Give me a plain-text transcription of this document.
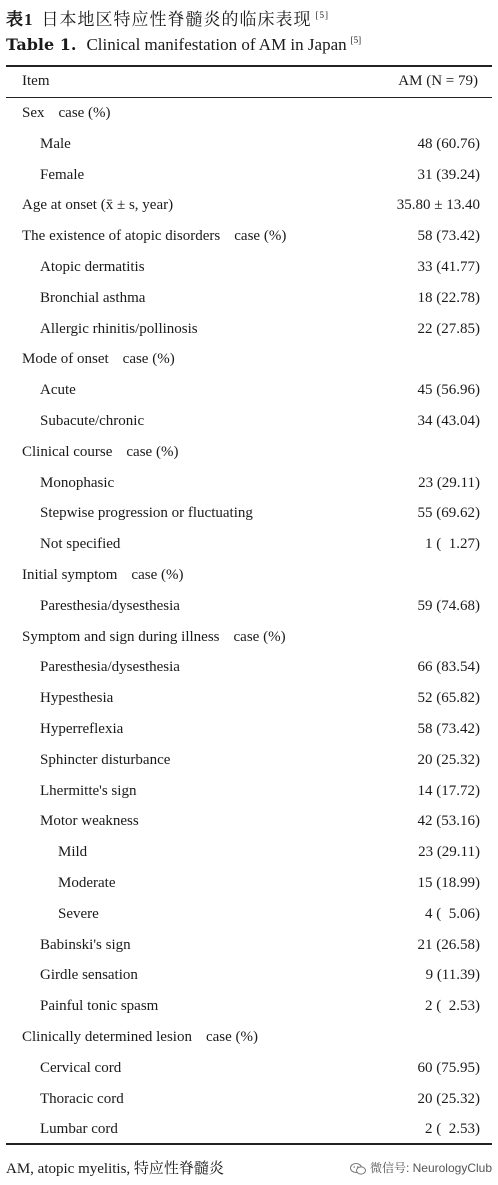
表1 日本地区特应性脊髓炎的临床表现 [5]
Table 1. Clinical manifestation of AM in Japan [5]
Item	AM (N = 79)
Sex case (%)
Male	48 (60.76)
Female	31 (39.24)
Age at onset (x̄ ± s, year)	35.80 ± 13.40
The existence of atopic disorders case (%)	58 (73.42)
Atopic dermatitis	33 (41.77)
Bronchial asthma	18 (22.78)
Allergic rhinitis/pollinosis	22 (27.85)
Mode of onset case (%)
Acute	45 (56.96)
Subacute/chronic	34 (43.04)
Clinical course case (%)
Monophasic	23 (29.11)
Stepwise progression or fluctuating	55 (69.62)
Not specified	1 (  1.27)
Initial symptom case (%)
Paresthesia/dysesthesia	59 (74.68)
Symptom and sign during illness case (%)
Paresthesia/dysesthesia	66 (83.54)
Hypesthesia	52 (65.82)
Hyperreflexia	58 (73.42)
Sphincter disturbance	20 (25.32)
Lhermitte's sign	14 (17.72)
Motor weakness	42 (53.16)
Mild	23 (29.11)
Moderate	15 (18.99)
Severe	4 (  5.06)
Babinski's sign	21 (26.58)
Girdle sensation	9 (11.39)
Painful tonic spasm	2 (  2.53)
Clinically determined lesion case (%)
Cervical cord	60 (75.95)
Thoracic cord	20 (25.32)
Lumbar cord	2 (  2.53)
AM, atopic myelitis, 特应性脊髓炎	微信号: NeurologyClub
